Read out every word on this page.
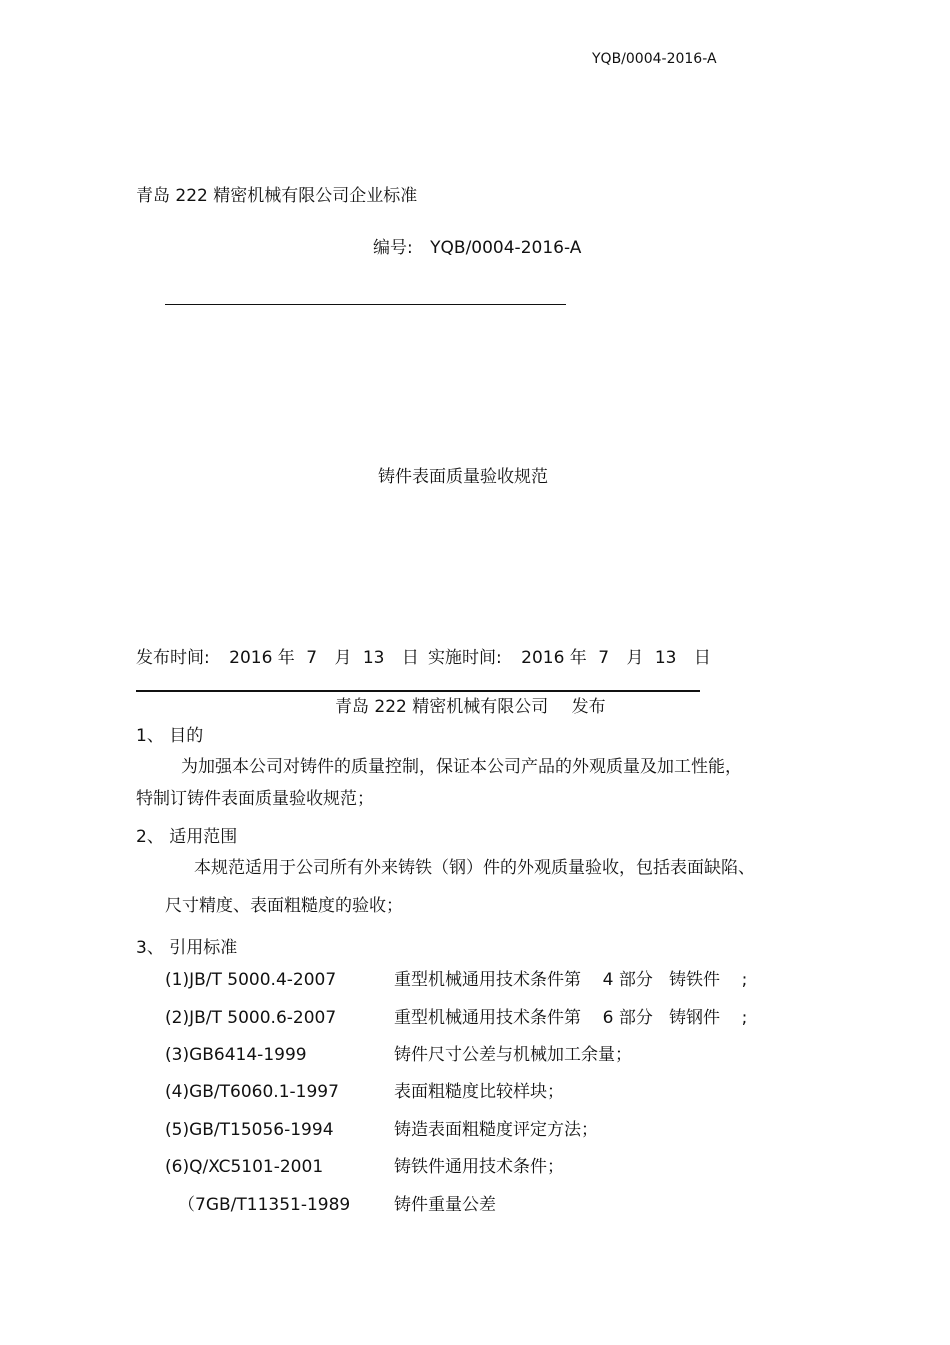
YQB/0004-2016-A
青岛 222 精密机械有限公司企业标准
编号: YQB/0004-2016-A
铸件表面质量验收规范
发布时间: 2016 年 7 月 13 日 实施时间: 2016 年 7 月 13 日
青岛 222 精密机械有限公司 发布
1、 目的
为加强本公司对铸件的质量控制，保证本公司产品的外观质量及加工性能，
特制订铸件表面质量验收规范；
2、 适用范围
本规范适用于公司所有外来铸铁（钢）件的外观质量验收，包括表面缺陷、
尺寸精度、表面粗糙度的验收；
3、 引用标准
(1)JB/T 5000.4-2007	重型机械通用技术条件第    4 部分   铸铁件    ;
(2)JB/T 5000.6-2007	重型机械通用技术条件第    6 部分   铸钢件    ;
(3)GB6414-1999	铸件尺寸公差与机械加工余量；
(4)GB/T6060.1-1997	表面粗糙度比较样块；
(5)GB/T15056-1994	铸造表面粗糙度评定方法；
(6)Q/XC5101-2001	铸铁件通用技术条件；
（7GB/T11351-1989	铸件重量公差
